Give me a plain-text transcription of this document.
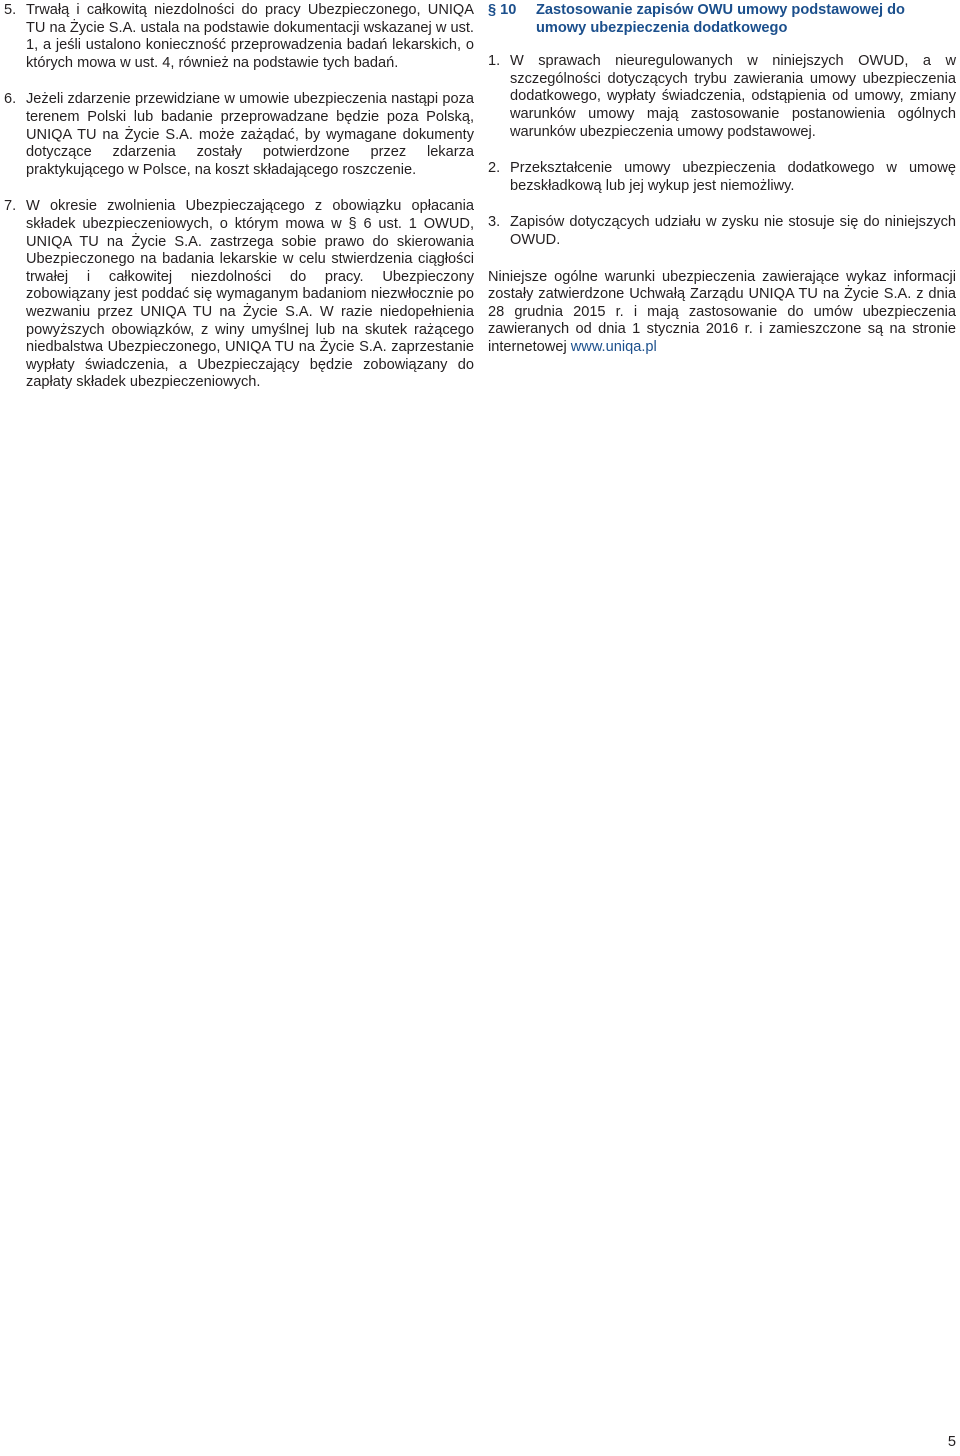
5. Trwałą i całkowitą niezdolności do pracy Ubezpieczonego, UNIQA TU na Życie S.A. ustala na podstawie dokumentacji wskazanej w ust. 1, a jeśli ustalono konieczność przeprowadzenia badań lekarskich, o których mowa w ust. 4, również na podstawie tych badań.
6. Jeżeli zdarzenie przewidziane w umowie ubezpieczenia nastąpi poza terenem Polski lub badanie przeprowadzane będzie poza Polską, UNIQA TU na Życie S.A. może zażądać, by wymagane dokumenty dotyczące zdarzenia zostały potwierdzone przez lekarza praktykującego w Polsce, na koszt składającego roszczenie.
7. W okresie zwolnienia Ubezpieczającego z obowiązku opłacania składek ubezpieczeniowych, o którym mowa w § 6 ust. 1 OWUD, UNIQA TU na Życie S.A. zastrzega sobie prawo do skierowania Ubezpieczonego na badania lekarskie w celu stwierdzenia ciągłości trwałej i całkowitej niezdolności do pracy. Ubezpieczony zobowiązany jest poddać się wymaganym badaniom niezwłocznie po wezwaniu przez UNIQA TU na Życie S.A. W razie niedopełnienia powyższych obowiązków, z winy umyślnej lub na skutek rażącego niedbalstwa Ubezpieczonego, UNIQA TU na Życie S.A. zaprzestanie wypłaty świadczenia, a Ubezpieczający będzie zobowiązany do zapłaty składek ubezpieczeniowych.
§ 10	Zastosowanie zapisów OWU umowy podstawowej do umowy ubezpieczenia dodatkowego
1. W sprawach nieuregulowanych w niniejszych OWUD, a w szczególności dotyczących trybu zawierania umowy ubezpieczenia dodatkowego, wypłaty świadczenia, odstąpienia od umowy, zmiany warunków umowy mają zastosowanie postanowienia ogólnych warunków ubezpieczenia umowy podstawowej.
2. Przekształcenie umowy ubezpieczenia dodatkowego w umowę bezskładkową lub jej wykup jest niemożliwy.
3. Zapisów dotyczących udziału w zysku nie stosuje się do niniejszych OWUD.

Niniejsze ogólne warunki ubezpieczenia zawierające wykaz informacji zostały zatwierdzone Uchwałą Zarządu UNIQA TU na Życie S.A. z dnia 28 grudnia 2015 r. i mają zastosowanie do umów ubezpieczenia zawieranych od dnia 1 stycznia 2016 r. i zamieszczone są na stronie internetowej www.uniqa.pl

5
